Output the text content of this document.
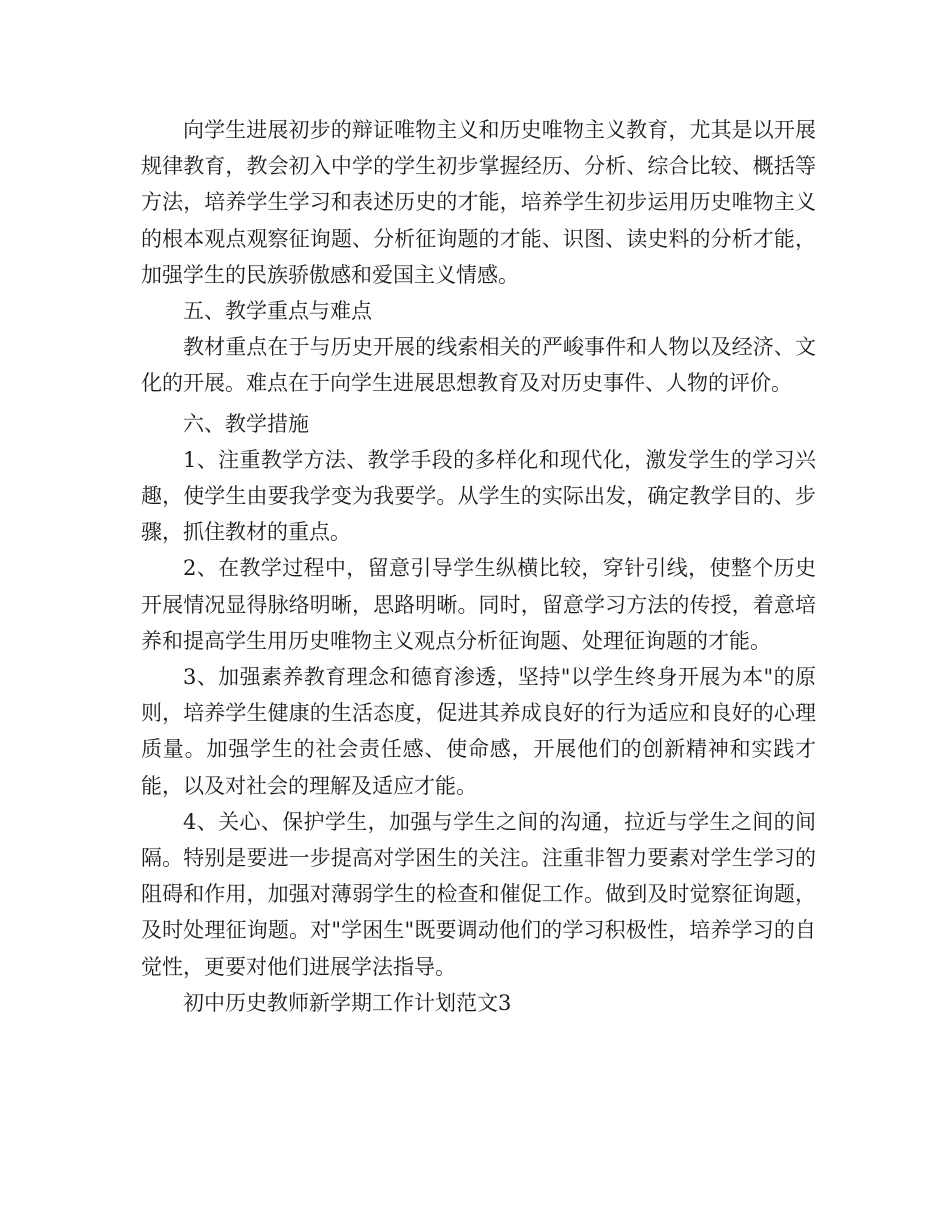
向学生进展初步的辩证唯物主义和历史唯物主义教育，尤其是以开展规律教育，教会初入中学的学生初步掌握经历、分析、综合比较、概括等方法，培养学生学习和表述历史的才能，培养学生初步运用历史唯物主义的根本观点观察征询题、分析征询题的才能、识图、读史料的分析才能，加强学生的民族骄傲感和爱国主义情感。

五、教学重点与难点

教材重点在于与历史开展的线索相关的严峻事件和人物以及经济、文化的开展。难点在于向学生进展思想教育及对历史事件、人物的评价。

六、教学措施

1、注重教学方法、教学手段的多样化和现代化，激发学生的学习兴趣，使学生由要我学变为我要学。从学生的实际出发，确定教学目的、步骤，抓住教材的重点。

2、在教学过程中，留意引导学生纵横比较，穿针引线，使整个历史开展情况显得脉络明晰，思路明晰。同时，留意学习方法的传授，着意培养和提高学生用历史唯物主义观点分析征询题、处理征询题的才能。

3、加强素养教育理念和德育渗透，坚持"以学生终身开展为本"的原则，培养学生健康的生活态度，促进其养成良好的行为适应和良好的心理质量。加强学生的社会责任感、使命感，开展他们的创新精神和实践才能，以及对社会的理解及适应才能。

4、关心、保护学生，加强与学生之间的沟通，拉近与学生之间的间隔。特别是要进一步提高对学困生的关注。注重非智力要素对学生学习的阻碍和作用，加强对薄弱学生的检查和催促工作。做到及时觉察征询题，及时处理征询题。对"学困生"既要调动他们的学习积极性，培养学习的自觉性，更要对他们进展学法指导。

初中历史教师新学期工作计划范文3
